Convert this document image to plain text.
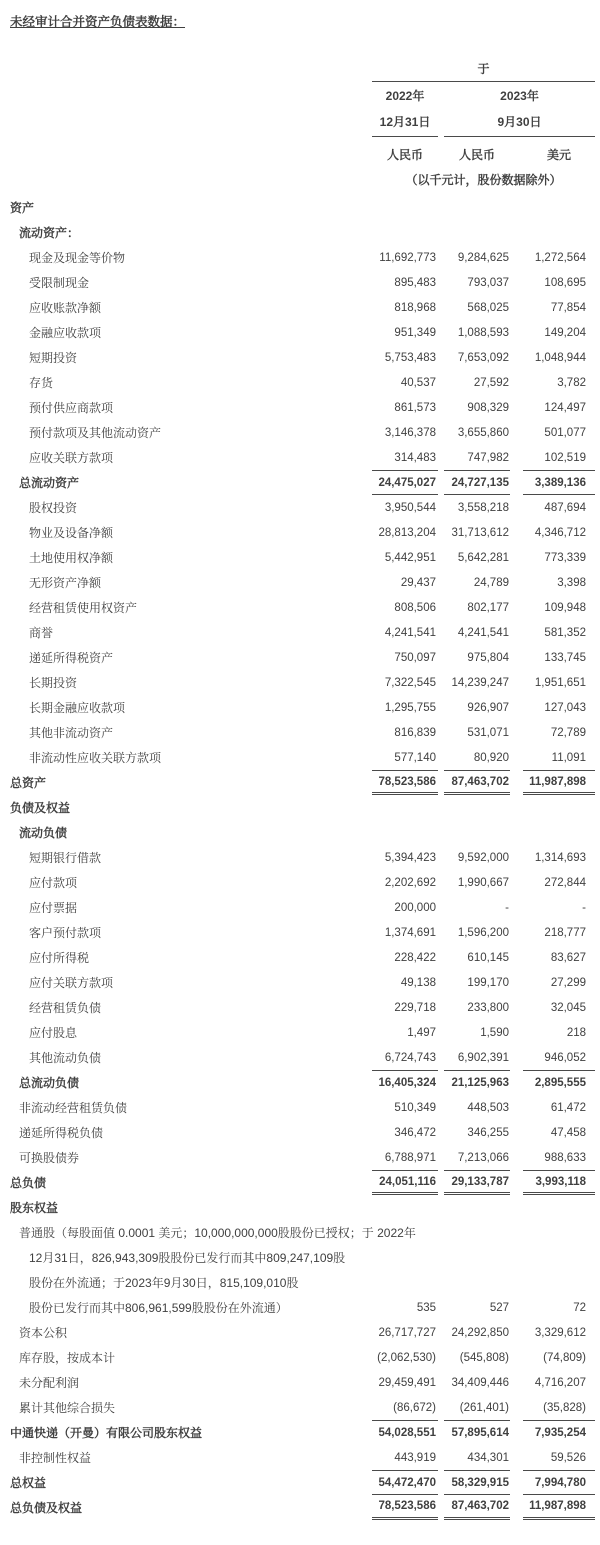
未经审计合并资产负债表数据：
于
2022年	2023年
12月31日	9月30日
人民币	人民币	美元
（以千元计，股份数据除外）
资产
流动资产：
现金及现金等价物	11,692,773	9,284,625	1,272,564
受限制现金	895,483	793,037	108,695
应收账款净额	818,968	568,025	77,854
金融应收款项	951,349	1,088,593	149,204
短期投资	5,753,483	7,653,092	1,048,944
存货	40,537	27,592	3,782
预付供应商款项	861,573	908,329	124,497
预付款项及其他流动资产	3,146,378	3,655,860	501,077
应收关联方款项	314,483	747,982	102,519
总流动资产	24,475,027	24,727,135	3,389,136
股权投资	3,950,544	3,558,218	487,694
物业及设备净额	28,813,204	31,713,612	4,346,712
土地使用权净额	5,442,951	5,642,281	773,339
无形资产净额	29,437	24,789	3,398
经营租赁使用权资产	808,506	802,177	109,948
商誉	4,241,541	4,241,541	581,352
递延所得税资产	750,097	975,804	133,745
长期投资	7,322,545	14,239,247	1,951,651
长期金融应收款项	1,295,755	926,907	127,043
其他非流动资产	816,839	531,071	72,789
非流动性应收关联方款项	577,140	80,920	11,091
总资产	78,523,586	87,463,702	11,987,898
负债及权益
流动负债
短期银行借款	5,394,423	9,592,000	1,314,693
应付款项	2,202,692	1,990,667	272,844
应付票据	200,000	-	-
客户预付款项	1,374,691	1,596,200	218,777
应付所得税	228,422	610,145	83,627
应付关联方款项	49,138	199,170	27,299
经营租赁负债	229,718	233,800	32,045
应付股息	1,497	1,590	218
其他流动负债	6,724,743	6,902,391	946,052
总流动负债	16,405,324	21,125,963	2,895,555
非流动经营租赁负债	510,349	448,503	61,472
递延所得税负债	346,472	346,255	47,458
可换股债券	6,788,971	7,213,066	988,633
总负债	24,051,116	29,133,787	3,993,118
股东权益
普通股（每股面值 0.0001 美元；10,000,000,000股股份已授权；于 2022年
12月31日，826,943,309股股份已发行而其中809,247,109股
股份在外流通；于2023年9月30日，815,109,010股
股份已发行而其中806,961,599股股份在外流通）	535	527	72
资本公积	26,717,727	24,292,850	3,329,612
库存股，按成本计	(2,062,530)	(545,808)	(74,809)
未分配利润	29,459,491	34,409,446	4,716,207
累计其他综合损失	(86,672)	(261,401)	(35,828)
中通快递（开曼）有限公司股东权益	54,028,551	57,895,614	7,935,254
非控制性权益	443,919	434,301	59,526
总权益	54,472,470	58,329,915	7,994,780
总负债及权益	78,523,586	87,463,702	11,987,898
